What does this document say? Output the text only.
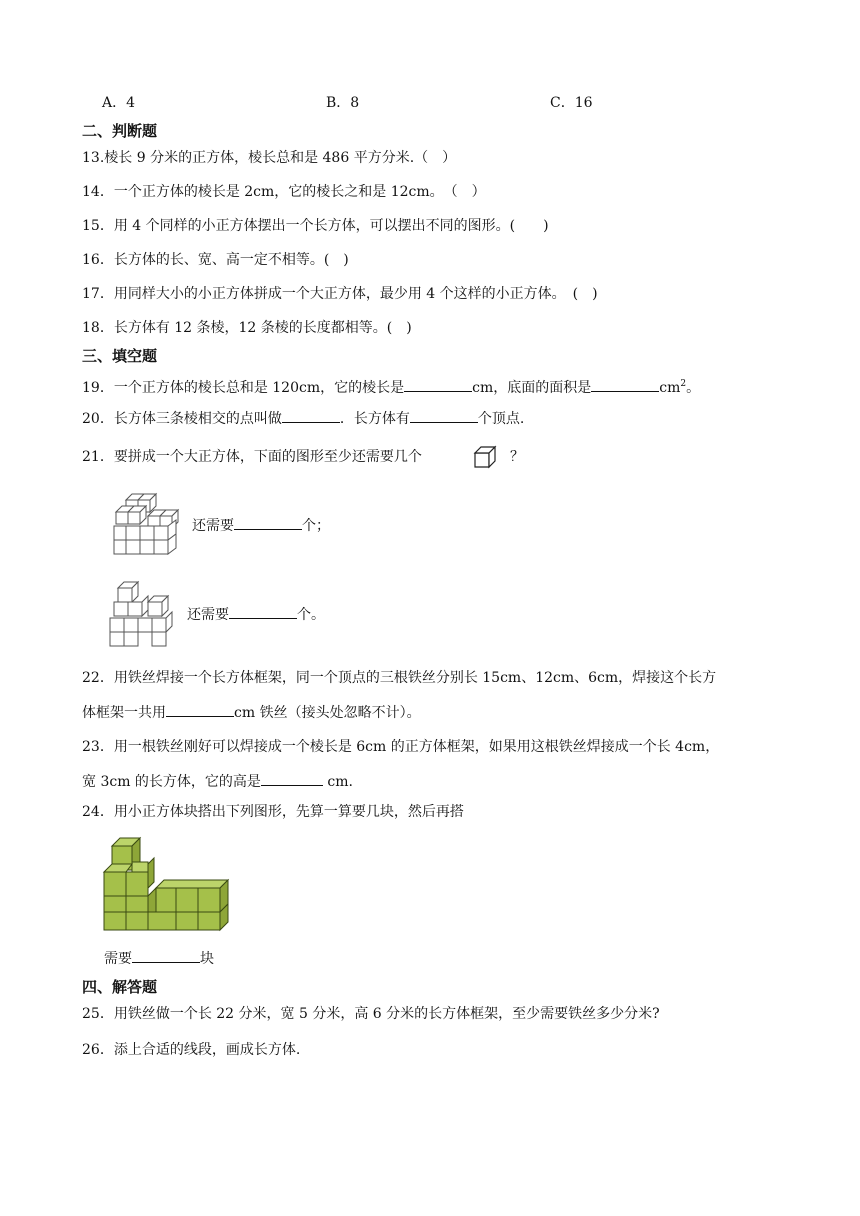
A．4	B．8	C．16
二、判断题
13.棱长 9 分米的正方体，棱长总和是 486 平方分米.（　）
14．一个正方体的棱长是 2cm，它的棱长之和是 12cm。　（　）
15．用 4 个同样的小正方体摆出一个长方体，可以摆出不同的图形。(　　)
16．长方体的长、宽、高一定不相等。(　)
17．用同样大小的小正方体拼成一个大正方体，最少用 4 个这样的小正方体。　(　)
18．长方体有 12 条棱，12 条棱的长度都相等。(　)
三、填空题
19．一个正方体的棱长总和是 120cm，它的棱长是	cm，底面的面积是	$cm^2$。
20．长方体三条棱相交的点叫做	．长方体有	个顶点.
21．要拼成一个大正方体，下面的图形至少还需要几个	？
还需要	个；
还需要	个。
22．用铁丝焊接一个长方体框架，同一个顶点的三根铁丝分别长 15cm、12cm、6cm，焊接这个长方
体框架一共用	cm 铁丝（接头处忽略不计）。
23．用一根铁丝刚好可以焊接成一个棱长是 6cm 的正方体框架，如果用这根铁丝焊接成一个长 4cm，
宽 3cm 的长方体，它的高是	cm.
24．用小正方体块搭出下列图形，先算一算要几块，然后再搭
需要	块
四、解答题
25．用铁丝做一个长 22 分米，宽 5 分米，高 6 分米的长方体框架，至少需要铁丝多少分米?
26．添上合适的线段，画成长方体.
